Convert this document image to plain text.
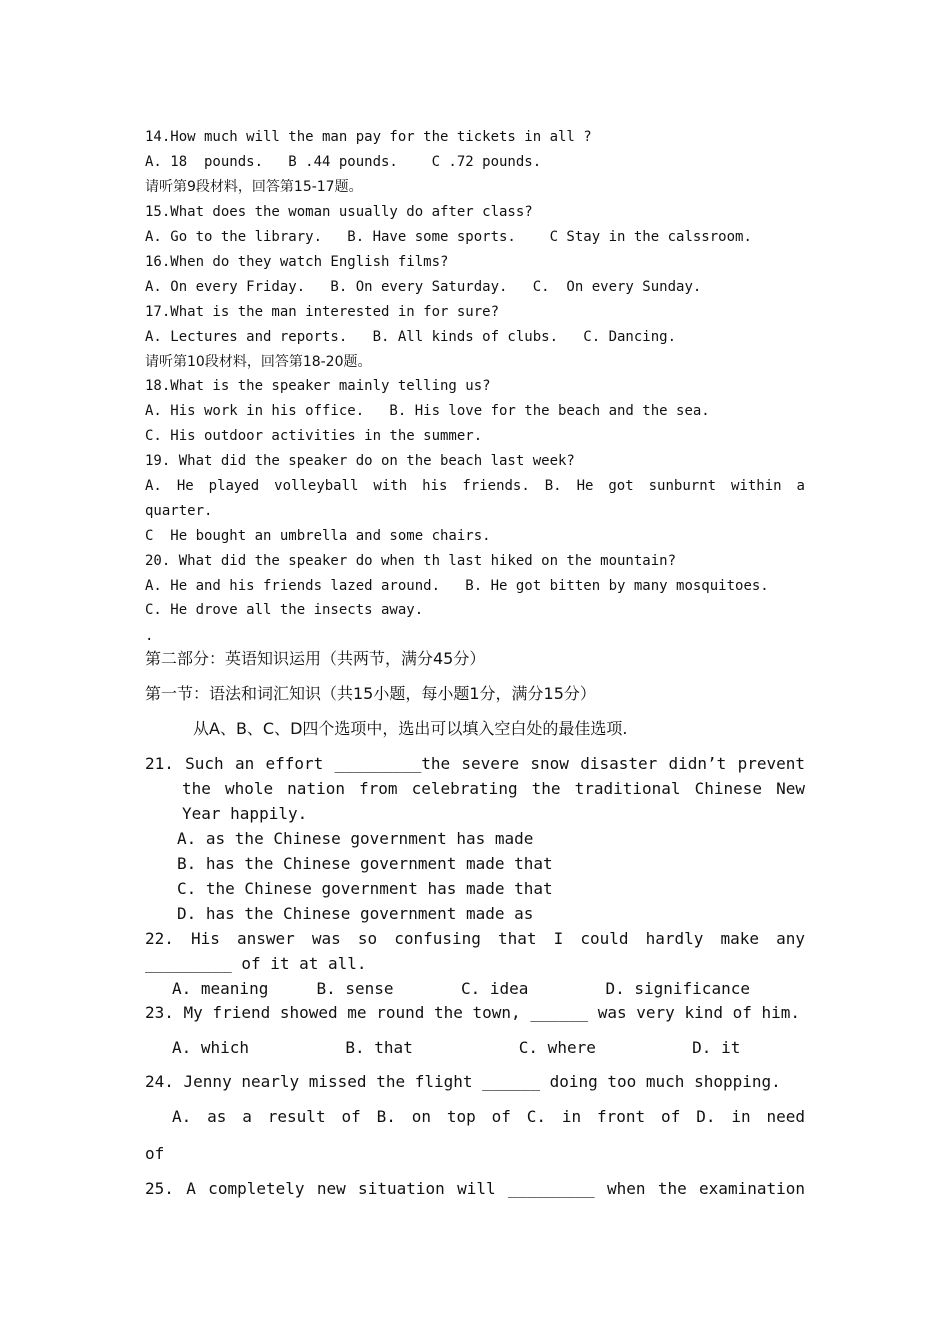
14.How much will the man pay for the tickets in all ?
A. 18  pounds.   B .44 pounds.    C .72 pounds.
请听第9段材料，回答第15-17题。
15.What does the woman usually do after class?
A. Go to the library.   B. Have some sports.    C Stay in the calssroom.
16.When do they watch English films?
A. On every Friday.   B. On every Saturday.   C.  On every Sunday.
17.What is the man interested in for sure?
A. Lectures and reports.   B. All kinds of clubs.   C. Dancing.
请听第10段材料，回答第18-20题。
18.What is the speaker mainly telling us?
A. His work in his office.   B. His love for the beach and the sea.
C. His outdoor activities in the summer.
19. What did the speaker do on the beach last week?
A. He played volleyball with his friends. B. He got sunburnt within a
quarter.
C  He bought an umbrella and some chairs.
20. What did the speaker do when th last hiked on the mountain?
A. He and his friends lazed around.   B. He got bitten by many mosquitoes.
C. He drove all the insects away.
.
第二部分：英语知识运用（共两节，满分45分）
第一节：语法和词汇知识（共15小题，每小题1分，满分15分）
从A、B、C、D四个选项中，选出可以填入空白处的最佳选项.
21. Such an effort _________the severe snow disaster didn’t prevent
the whole nation from celebrating the traditional Chinese New
Year happily.
A. as the Chinese government has made
B. has the Chinese government made that
C. the Chinese government has made that
D. has the Chinese government made as
22. His answer was so confusing that I could hardly make any
_________ of it at all.
A. meaning     B. sense       C. idea        D. significance
23. My friend showed me round the town, ______ was very kind of him.
A. which          B. that           C. where          D. it
24. Jenny nearly missed the flight ______ doing too much shopping.
A. as a result of B. on top of C. in front of D. in need
of
25. A completely new situation will _________ when the examination
